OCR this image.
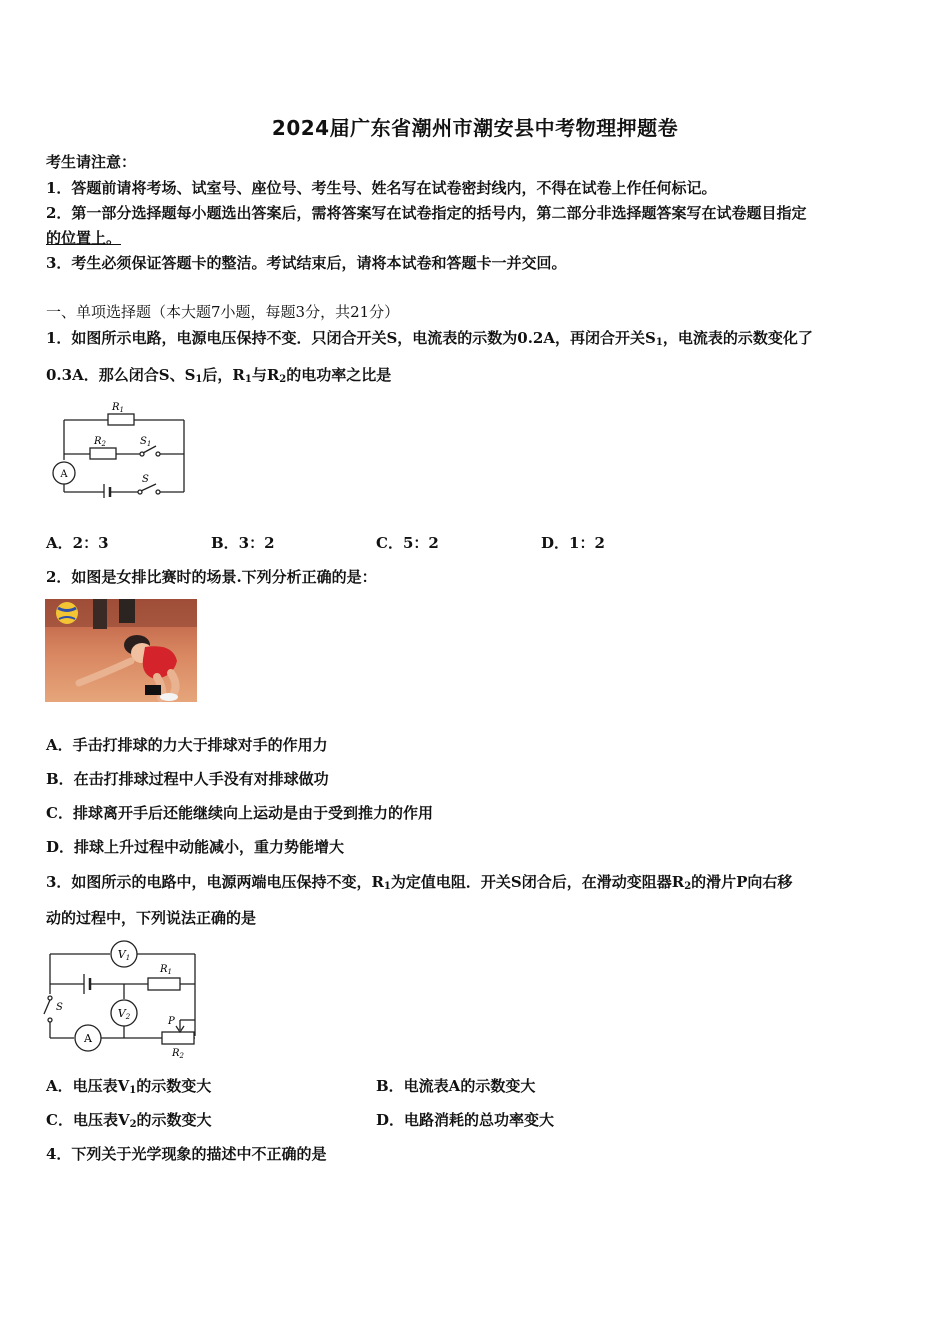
2024届广东省潮州市潮安县中考物理押题卷
考生请注意：
1．答题前请将考场、试室号、座位号、考生号、姓名写在试卷密封线内，不得在试卷上作任何标记。
2．第一部分选择题每小题选出答案后，需将答案写在试卷指定的括号内，第二部分非选择题答案写在试卷题目指定
的位置上。
3．考生必须保证答题卡的整洁。考试结束后，请将本试卷和答题卡一并交回。
一、单项选择题（本大题7小题，每题3分，共21分）
1．如图所示电路，电源电压保持不变．只闭合开关S，电流表的示数为0.2A，再闭合开关$S_1$，电流表的示数变化了
0.3A．那么闭合S、$S_1$后，$R_1$与$R_2$的电功率之比是
A
$R_1$
$R_2$	$S_1$
S
A．2：3	B．3：2	C．5：2	D．1：2
2．如图是女排比赛时的场景.下列分析正确的是：
A．手击打排球的力大于排球对手的作用力
B．在击打排球过程中人手没有对排球做功
C．排球离开手后还能继续向上运动是由于受到推力的作用
D．排球上升过程中动能减小，重力势能增大
3．如图所示的电路中，电源两端电压保持不变，$R_1$为定值电阻．开关S闭合后，在滑动变阻器$R_2$的滑片P向右移
动的过程中，下列说法正确的是
V1
V2
A
$R_1$
$R_2$
S
P
A．电压表$V_1$的示数变大	B．电流表A的示数变大
C．电压表$V_2$的示数变大	D．电路消耗的总功率变大
4．下列关于光学现象的描述中不正确的是
